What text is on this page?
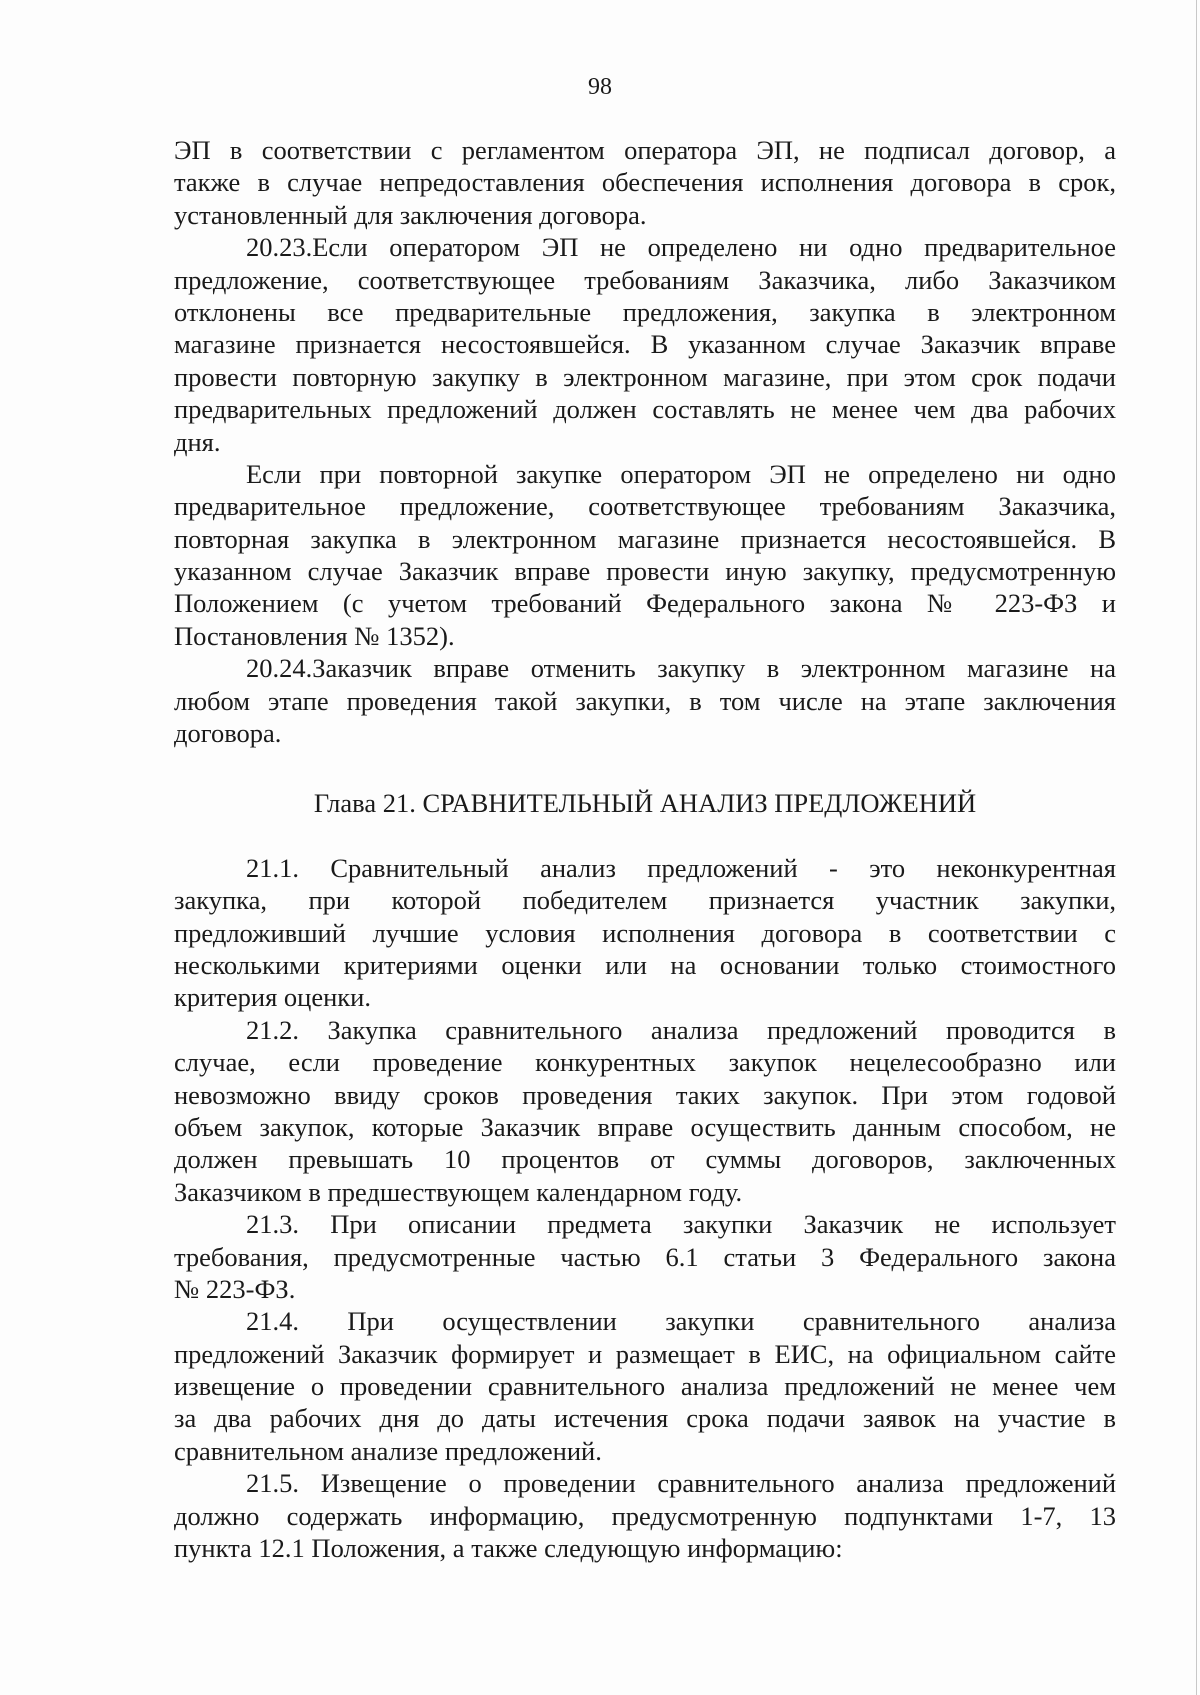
98
ЭП в соответствии с регламентом оператора ЭП, не подписал договор, а
также в случае непредоставления обеспечения исполнения договора в срок,
установленный для заключения договора.
20.23.Если оператором ЭП не определено ни одно предварительное
предложение, соответствующее требованиям Заказчика, либо Заказчиком
отклонены все предварительные предложения, закупка в электронном
магазине признается несостоявшейся. В указанном случае Заказчик вправе
провести повторную закупку в электронном магазине, при этом срок подачи
предварительных предложений должен составлять не менее чем два рабочих
дня.
Если при повторной закупке оператором ЭП не определено ни одно
предварительное предложение, соответствующее требованиям Заказчика,
повторная закупка в электронном магазине признается несостоявшейся. В
указанном случае Заказчик вправе провести иную закупку, предусмотренную
Положением (с учетом требований Федерального закона № 223-ФЗ и
Постановления № 1352).
20.24.Заказчик вправе отменить закупку в электронном магазине на
любом этапе проведения такой закупки, в том числе на этапе заключения
договора.
Глава 21. СРАВНИТЕЛЬНЫЙ АНАЛИЗ ПРЕДЛОЖЕНИЙ
21.1. Сравнительный анализ предложений - это неконкурентная
закупка, при которой победителем признается участник закупки,
предложивший лучшие условия исполнения договора в соответствии с
несколькими критериями оценки или на основании только стоимостного
критерия оценки.
21.2. Закупка сравнительного анализа предложений проводится в
случае, если проведение конкурентных закупок нецелесообразно или
невозможно ввиду сроков проведения таких закупок. При этом годовой
объем закупок, которые Заказчик вправе осуществить данным способом, не
должен превышать 10 процентов от суммы договоров, заключенных
Заказчиком в предшествующем календарном году.
21.3. При описании предмета закупки Заказчик не использует
требования, предусмотренные частью 6.1 статьи 3 Федерального закона
№ 223-ФЗ.
21.4. При осуществлении закупки сравнительного анализа
предложений Заказчик формирует и размещает в ЕИС, на официальном сайте
извещение о проведении сравнительного анализа предложений не менее чем
за два рабочих дня до даты истечения срока подачи заявок на участие в
сравнительном анализе предложений.
21.5. Извещение о проведении сравнительного анализа предложений
должно содержать информацию, предусмотренную подпунктами 1-7, 13
пункта 12.1 Положения, а также следующую информацию:
